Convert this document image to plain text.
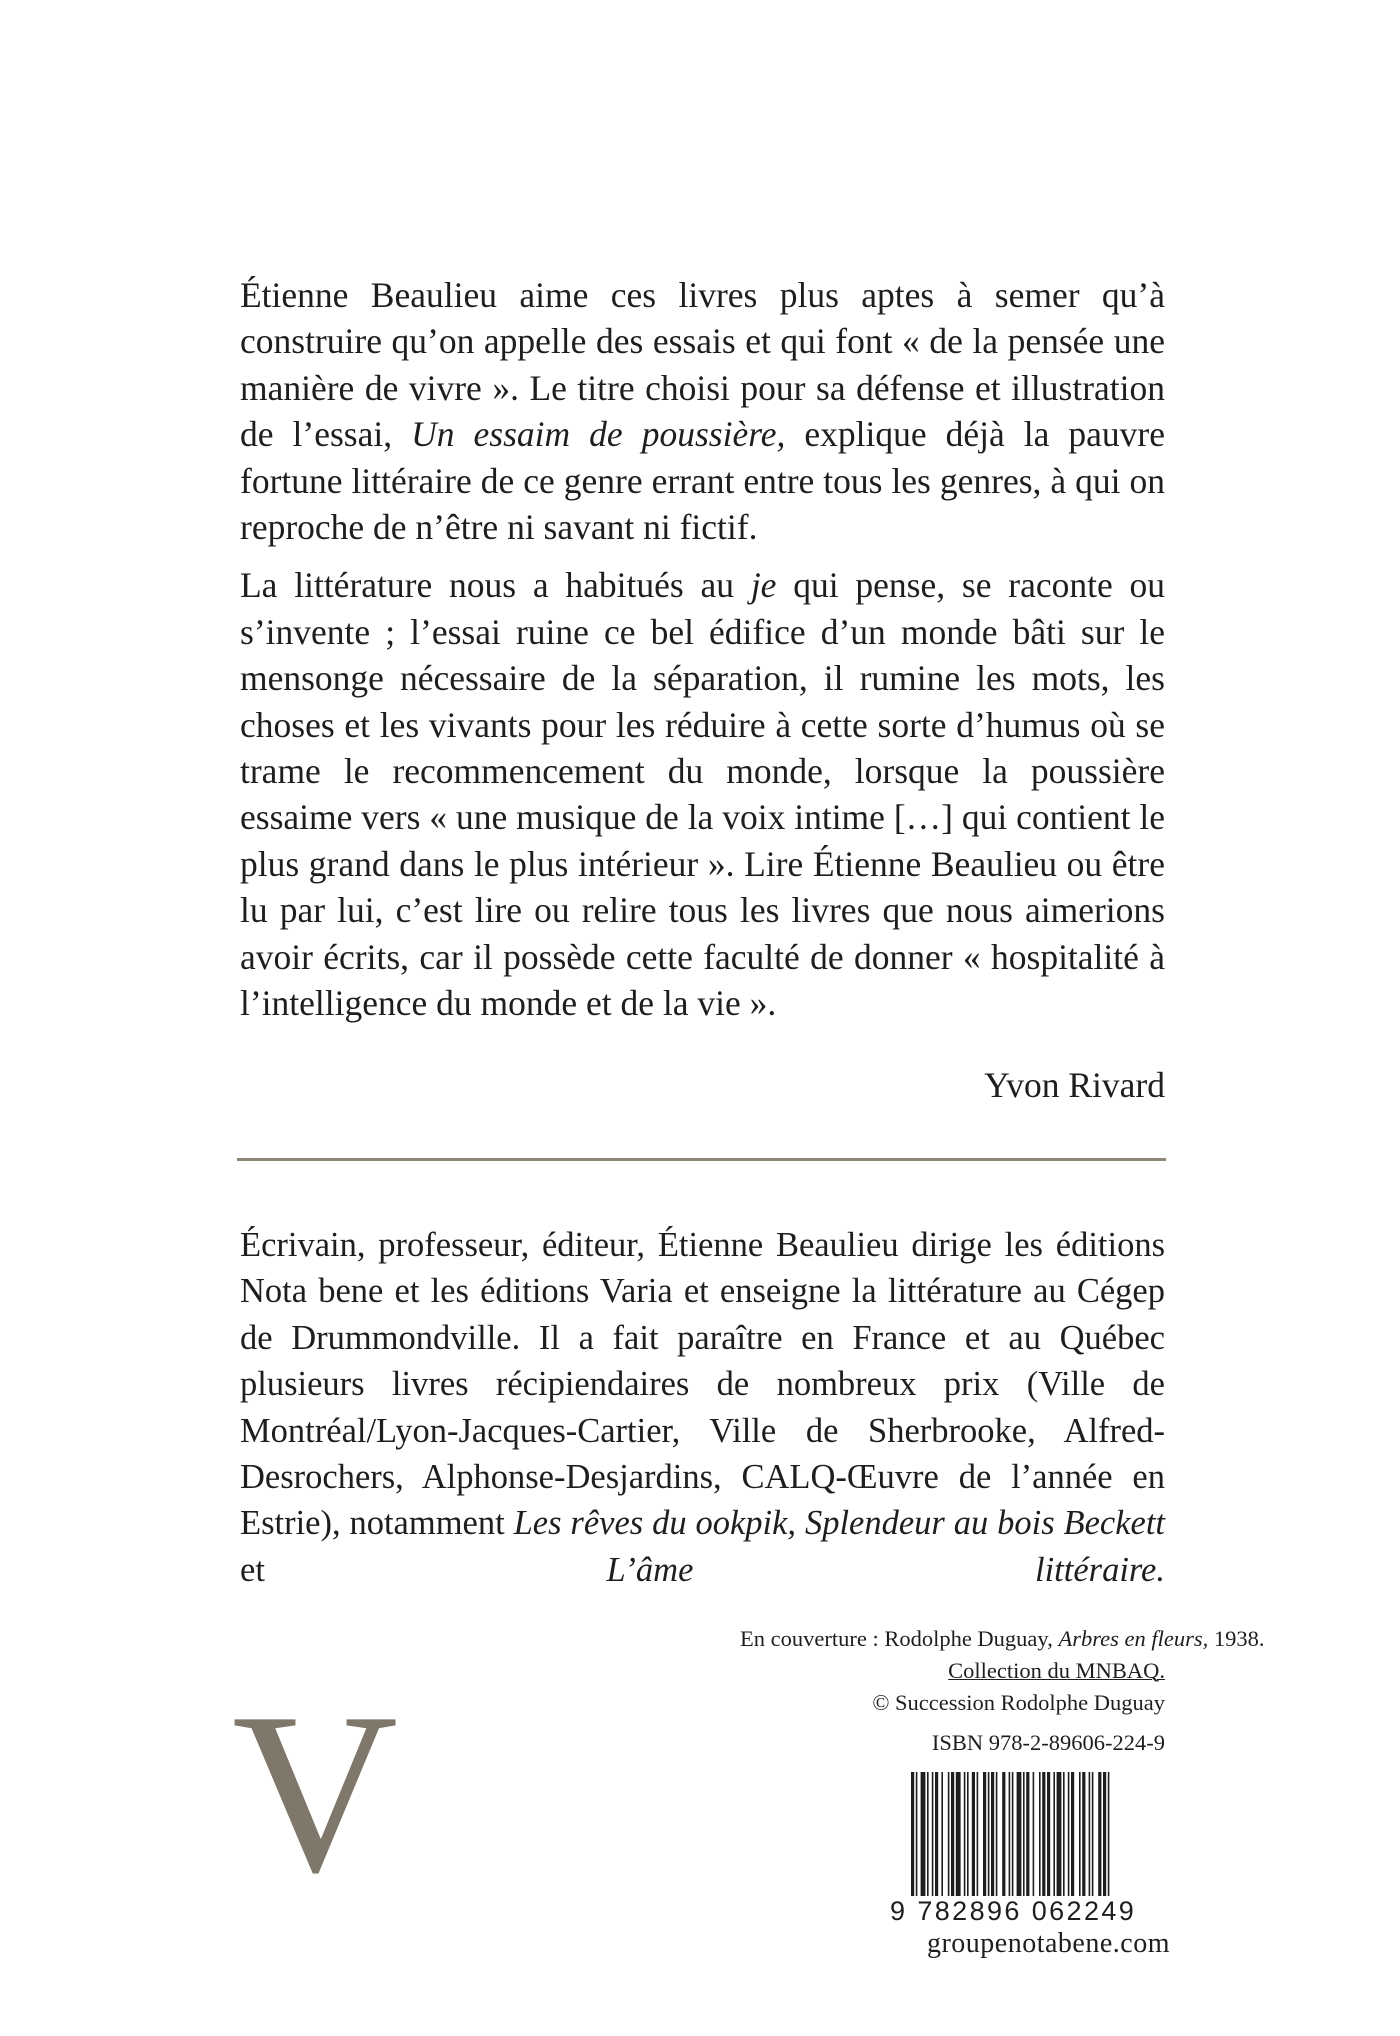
Étienne Beaulieu aime ces livres plus aptes à semer qu’à construire qu’on appelle des essais et qui font « de la pensée une manière de vivre ». Le titre choisi pour sa défense et illustration de l’essai, Un essaim de poussière, explique déjà la pauvre fortune littéraire de ce genre errant entre tous les genres, à qui on reproche de n’être ni savant ni fictif.

La littérature nous a habitués au je qui pense, se raconte ou s’invente ; l’essai ruine ce bel édifice d’un monde bâti sur le mensonge nécessaire de la séparation, il rumine les mots, les choses et les vivants pour les réduire à cette sorte d’humus où se trame le recommencement du monde, lorsque la poussière essaime vers « une musique de la voix intime […] qui contient le plus grand dans le plus intérieur ». Lire Étienne Beaulieu ou être lu par lui, c’est lire ou relire tous les livres que nous aimerions avoir écrits, car il possède cette faculté de donner « hospitalité à l’intelligence du monde et de la vie ».

Yvon Rivard
Écrivain, professeur, éditeur, Étienne Beaulieu dirige les éditions Nota bene et les éditions Varia et enseigne la littérature au Cégep de Drummondville. Il a fait paraître en France et au Québec plusieurs livres récipiendaires de nombreux prix (Ville de Montréal/Lyon-Jacques-Cartier, Ville de Sherbrooke, Alfred-Desrochers, Alphonse-Desjardins, CALQ-Œuvre de l’année en Estrie), notamment Les rêves du ookpik, Splendeur au bois Beckett et L’âme littéraire.
En couverture : Rodolphe Duguay, Arbres en fleurs, 1938.
Collection du MNBAQ.
© Succession Rodolphe Duguay
V	ISBN 978-2-89606-224-9
9 782896 062249
groupenotabene.com
